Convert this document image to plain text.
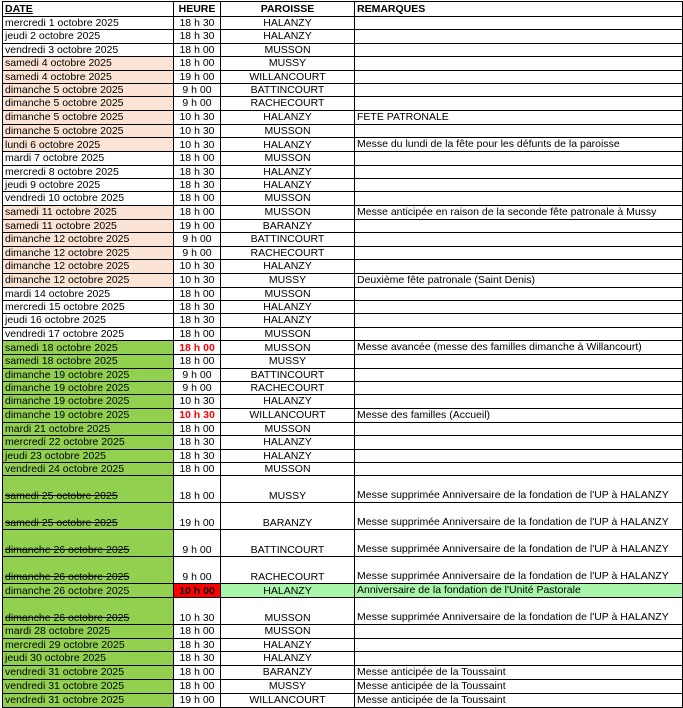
DATE	HEURE	PAROISSE	REMARQUES
mercredi 1 octobre 2025	18 h 30	HALANZY	
jeudi 2 octobre 2025	18 h 30	HALANZY	
vendredi 3 octobre 2025	18 h 00	MUSSON	
samedi 4 octobre 2025	18 h 00	MUSSY	
samedi 4 octobre 2025	19 h 00	WILLANCOURT	
dimanche 5 octobre 2025	9 h 00	BATTINCOURT	
dimanche 5 octobre 2025	9 h 00	RACHECOURT	
dimanche 5 octobre 2025	10 h 30	HALANZY	FETE PATRONALE
dimanche 5 octobre 2025	10 h 30	MUSSON	
lundi 6 octobre 2025	10 h 30	HALANZY	Messe du lundi de la fête pour les défunts de la paroisse
mardi 7 octobre 2025	18 h 00	MUSSON	
mercredi 8 octobre 2025	18 h 30	HALANZY	
jeudi 9 octobre 2025	18 h 30	HALANZY	
vendredi 10 octobre 2025	18 h 00	MUSSON	
samedi 11 octobre 2025	18 h 00	MUSSON	Messe anticipée en raison de la seconde fête patronale à Mussy
samedi 11 octobre 2025	19 h 00	BARANZY	
dimanche 12 octobre 2025	9 h 00	BATTINCOURT	
dimanche 12 octobre 2025	9 h 00	RACHECOURT	
dimanche 12 octobre 2025	10 h 30	HALANZY	
dimanche 12 octobre 2025	10 h 30	MUSSY	Deuxième fête patronale (Saint Denis)
mardi 14 octobre 2025	18 h 00	MUSSON	
mercredi 15 octobre 2025	18 h 30	HALANZY	
jeudi 16 octobre 2025	18 h 30	HALANZY	
vendredi 17 octobre 2025	18 h 00	MUSSON	
samedi 18 octobre 2025	18 h 00	MUSSON	Messe avancée (messe des familles dimanche à Willancourt)
samedi 18 octobre 2025	18 h 00	MUSSY	
dimanche 19 octobre 2025	9 h 00	BATTINCOURT	
dimanche 19 octobre 2025	9 h 00	RACHECOURT	
dimanche 19 octobre 2025	10 h 30	HALANZY	
dimanche 19 octobre 2025	10 h 30	WILLANCOURT	Messe des familles (Accueil)
mardi 21 octobre 2025	18 h 00	MUSSON	
mercredi 22 octobre 2025	18 h 30	HALANZY	
jeudi 23 octobre 2025	18 h 30	HALANZY	
vendredi 24 octobre 2025	18 h 00	MUSSON	
samedi 25 octobre 2025	18 h 00	MUSSY	Messe supprimée Anniversaire de la fondation de l'UP à HALANZY
samedi 25 octobre 2025	19 h 00	BARANZY	Messe supprimée Anniversaire de la fondation de l'UP à HALANZY
dimanche 26 octobre 2025	9 h 00	BATTINCOURT	Messe supprimée Anniversaire de la fondation de l'UP à HALANZY
dimanche 26 octobre 2025	9 h 00	RACHECOURT	Messe supprimée Anniversaire de la fondation de l'UP à HALANZY
dimanche 26 octobre 2025	10 h 00	HALANZY	Anniversaire de la fondation de l'Unité Pastorale
dimanche 26 octobre 2025	10 h 30	MUSSON	Messe supprimée Anniversaire de la fondation de l'UP à HALANZY
mardi 28 octobre 2025	18 h 00	MUSSON	
mercredi 29 octobre 2025	18 h 30	HALANZY	
jeudi 30 octobre 2025	18 h 30	HALANZY	
vendredi 31 octobre 2025	18 h 00	BARANZY	Messe anticipée de la Toussaint
vendredi 31 octobre 2025	18 h 00	MUSSY	Messe anticipée de la Toussaint
vendredi 31 octobre 2025	19 h 00	WILLANCOURT	Messe anticipée de la Toussaint
